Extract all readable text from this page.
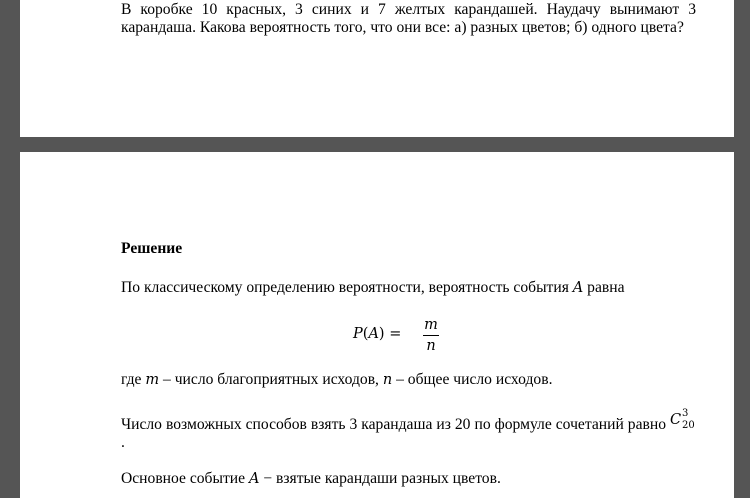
В коробке 10 красных, 3 синих и 7 желтых карандашей. Наудачу вынимают 3 карандаша. Какова вероятность того, что они все: а) разных цветов; б) одного цвета?
Решение
По классическому определению вероятности, вероятность события A равна
P(A) =
m
n
где m – число благоприятных исходов, n – общее число исходов.
Число возможных способов взять 3 карандаша из 20 по формуле сочетаний равно C 3
20
.
Основное событие A − взятые карандаши разных цветов.
